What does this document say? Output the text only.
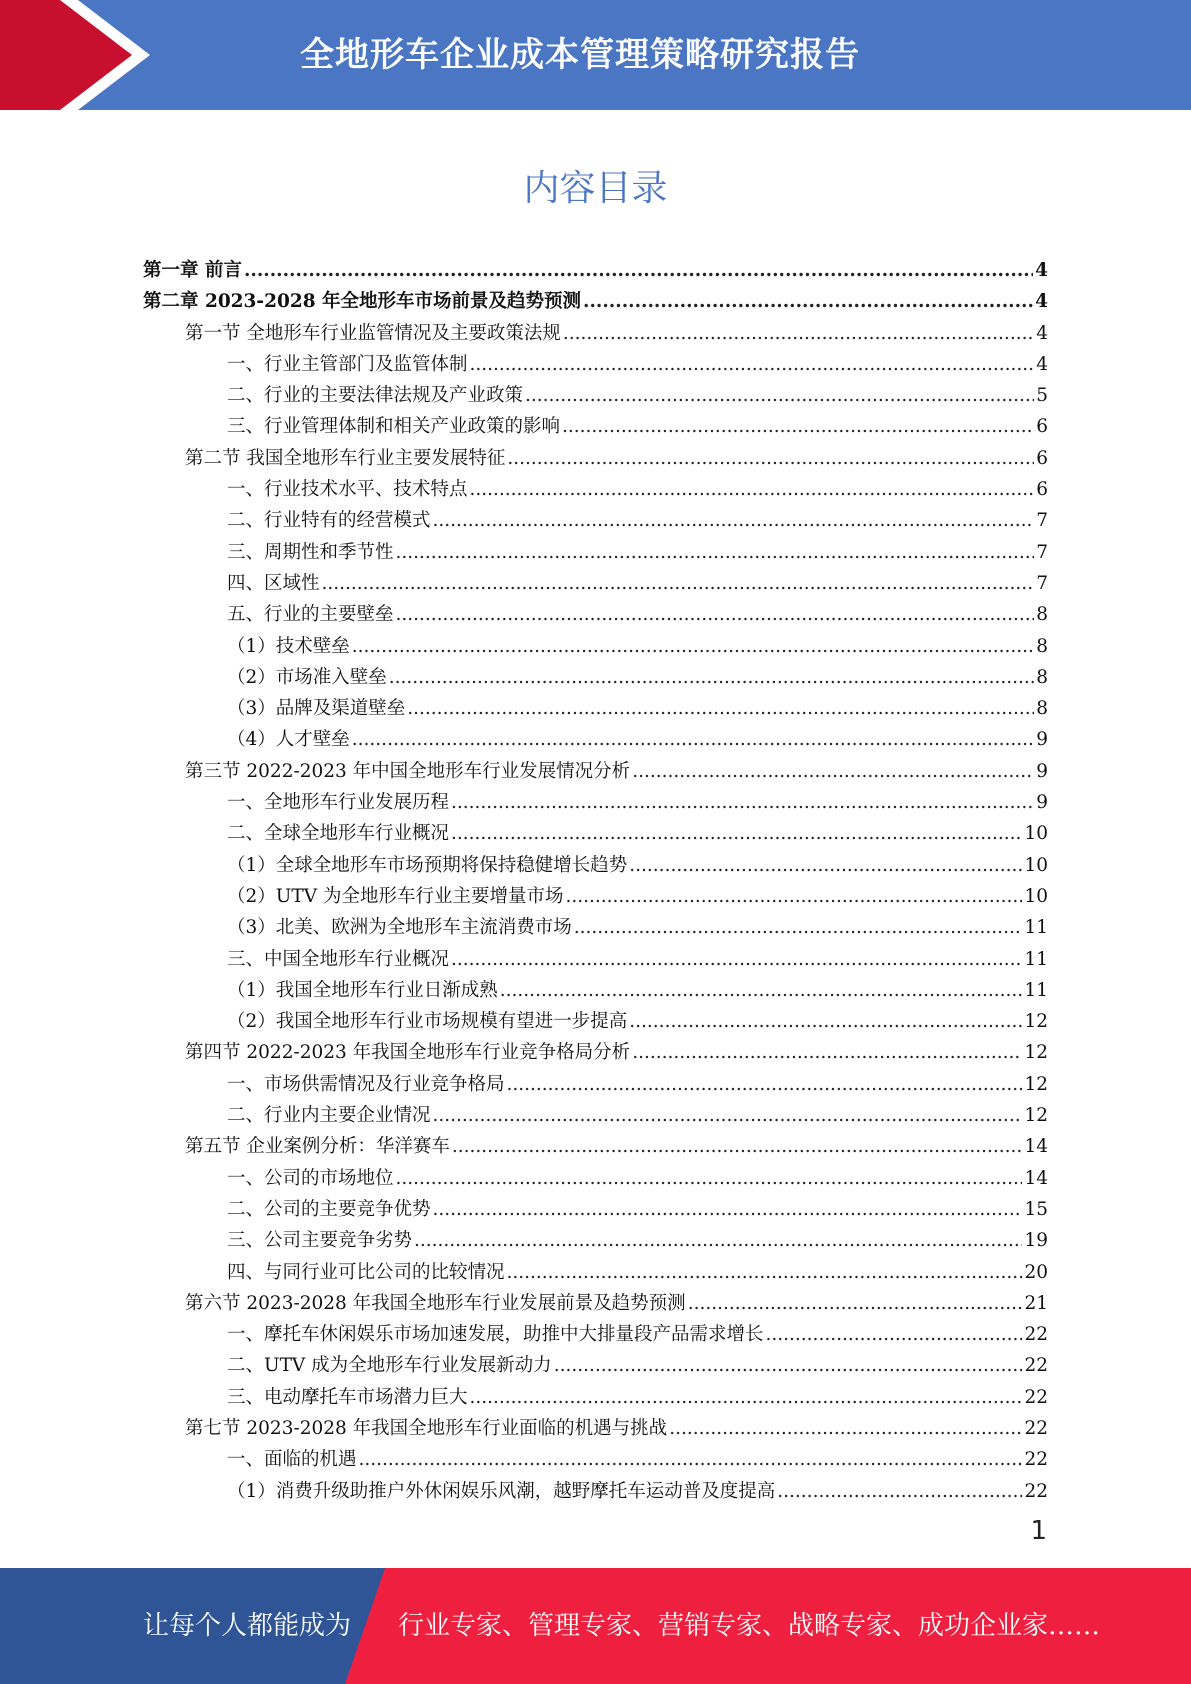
全地形车企业成本管理策略研究报告
内容目录
第一章 前言 .....	4
第二章 2023-2028 年全地形车市场前景及趋势预测 .....	4
第一节 全地形车行业监管情况及主要政策法规 .....	4
一、行业主管部门及监管体制 .....	4
二、行业的主要法律法规及产业政策 .....	5
三、行业管理体制和相关产业政策的影响 .....	6
第二节 我国全地形车行业主要发展特征 .....	6
一、行业技术水平、技术特点 .....	6
二、行业特有的经营模式 .....	7
三、周期性和季节性 .....	7
四、区域性 .....	7
五、行业的主要壁垒 .....	8
（1）技术壁垒 .....	8
（2）市场准入壁垒 .....	8
（3）品牌及渠道壁垒 .....	8
（4）人才壁垒 .....	9
第三节 2022-2023 年中国全地形车行业发展情况分析 .....	9
一、全地形车行业发展历程 .....	9
二、全球全地形车行业概况 .....	10
（1）全球全地形车市场预期将保持稳健增长趋势 .....	10
（2）UTV 为全地形车行业主要增量市场 .....	10
（3）北美、欧洲为全地形车主流消费市场 .....	11
三、中国全地形车行业概况 .....	11
（1）我国全地形车行业日渐成熟 .....	11
（2）我国全地形车行业市场规模有望进一步提高 .....	12
第四节 2022-2023 年我国全地形车行业竞争格局分析 .....	12
一、市场供需情况及行业竞争格局 .....	12
二、行业内主要企业情况 .....	12
第五节 企业案例分析：华洋赛车 .....	14
一、公司的市场地位 .....	14
二、公司的主要竞争优势 .....	15
三、公司主要竞争劣势 .....	19
四、与同行业可比公司的比较情况 .....	20
第六节 2023-2028 年我国全地形车行业发展前景及趋势预测 .....	21
一、摩托车休闲娱乐市场加速发展，助推中大排量段产品需求增长 .....	22
二、UTV 成为全地形车行业发展新动力 .....	22
三、电动摩托车市场潜力巨大 .....	22
第七节 2023-2028 年我国全地形车行业面临的机遇与挑战 .....	22
一、面临的机遇 .....	22
（1）消费升级助推户外休闲娱乐风潮，越野摩托车运动普及度提高 .....	22
1
让每个人都能成为 行业专家、管理专家、营销专家、战略专家、成功企业家……
